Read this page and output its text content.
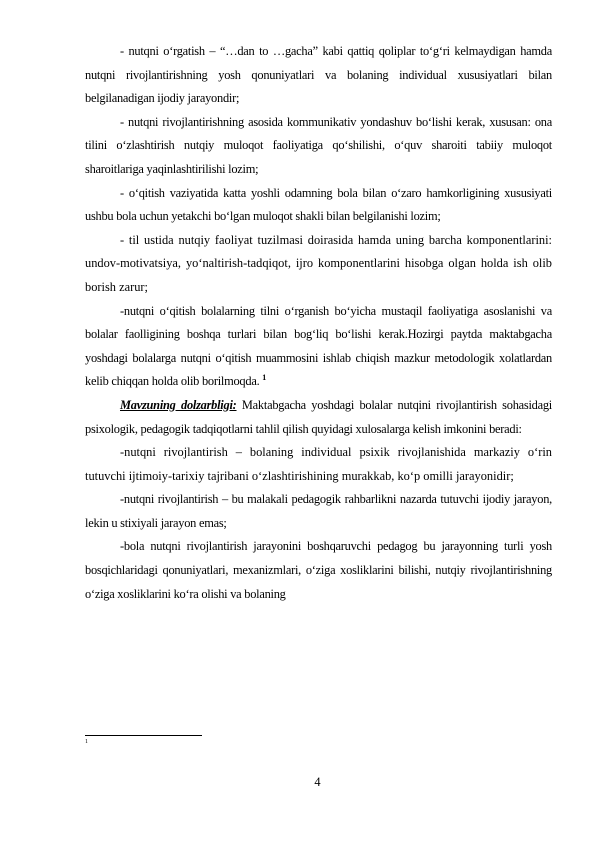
- nutqni o‘rgatish – “…dan to …gacha” kabi qattiq qoliplar to‘g‘ri kelmaydigan hamda nutqni rivojlantirishning yosh qonuniyatlari va bolaning individual xususiyatlari bilan belgilanadigan ijodiy jarayondir;

- nutqni rivojlantirishning asosida kommunikativ yondashuv bo‘lishi kerak, xususan: ona tilini o‘zlashtirish nutqiy muloqot faoliyatiga qo‘shilishi, o‘quv sharoiti tabiiy muloqot sharoitlariga yaqinlashtirilishi lozim;

- o‘qitish vaziyatida katta yoshli odamning bola bilan o‘zaro hamkorligining xususiyati ushbu bola uchun yetakchi bo‘lgan muloqot shakli bilan belgilanishi lozim;

- til ustida nutqiy faoliyat tuzilmasi doirasida hamda uning barcha komponentlarini: undov-motivatsiya, yo‘naltirish-tadqiqot, ijro komponentlarini hisobga olgan holda ish olib borish zarur;

-nutqni o‘qitish bolalarning tilni o‘rganish bo‘yicha mustaqil faoliyatiga asoslanishi va bolalar faolligining boshqa turlari bilan bog‘liq bo‘lishi kerak.Hozirgi paytda maktabgacha yoshdagi bolalarga nutqni o‘qitish muammosini ishlab chiqish mazkur metodologik xolatlardan kelib chiqqan holda olib borilmoqda. $^1$

Mavzuning dolzarbligi: Maktabgacha yoshdagi bolalar nutqini rivojlantirish sohasidagi psixologik, pedagogik tadqiqotlarni tahlil qilish quyidagi xulosalarga kelish imkonini beradi:

-nutqni rivojlantirish – bolaning individual psixik rivojlanishida markaziy o‘rin tutuvchi ijtimoiy-tarixiy tajribani o‘zlashtirishining murakkab, ko‘p omilli jarayonidir;

-nutqni rivojlantirish – bu malakali pedagogik rahbarlikni nazarda tutuvchi ijodiy jarayon, lekin u stixiyali jarayon emas;

-bola nutqni rivojlantirish jarayonini boshqaruvchi pedagog bu jarayonning turli yosh bosqichlaridagi qonuniyatlari, mexanizmlari, o‘ziga xosliklarini bilishi, nutqiy rivojlantirishning o‘ziga xosliklarini ko‘ra olishi va bolaning

1
4
